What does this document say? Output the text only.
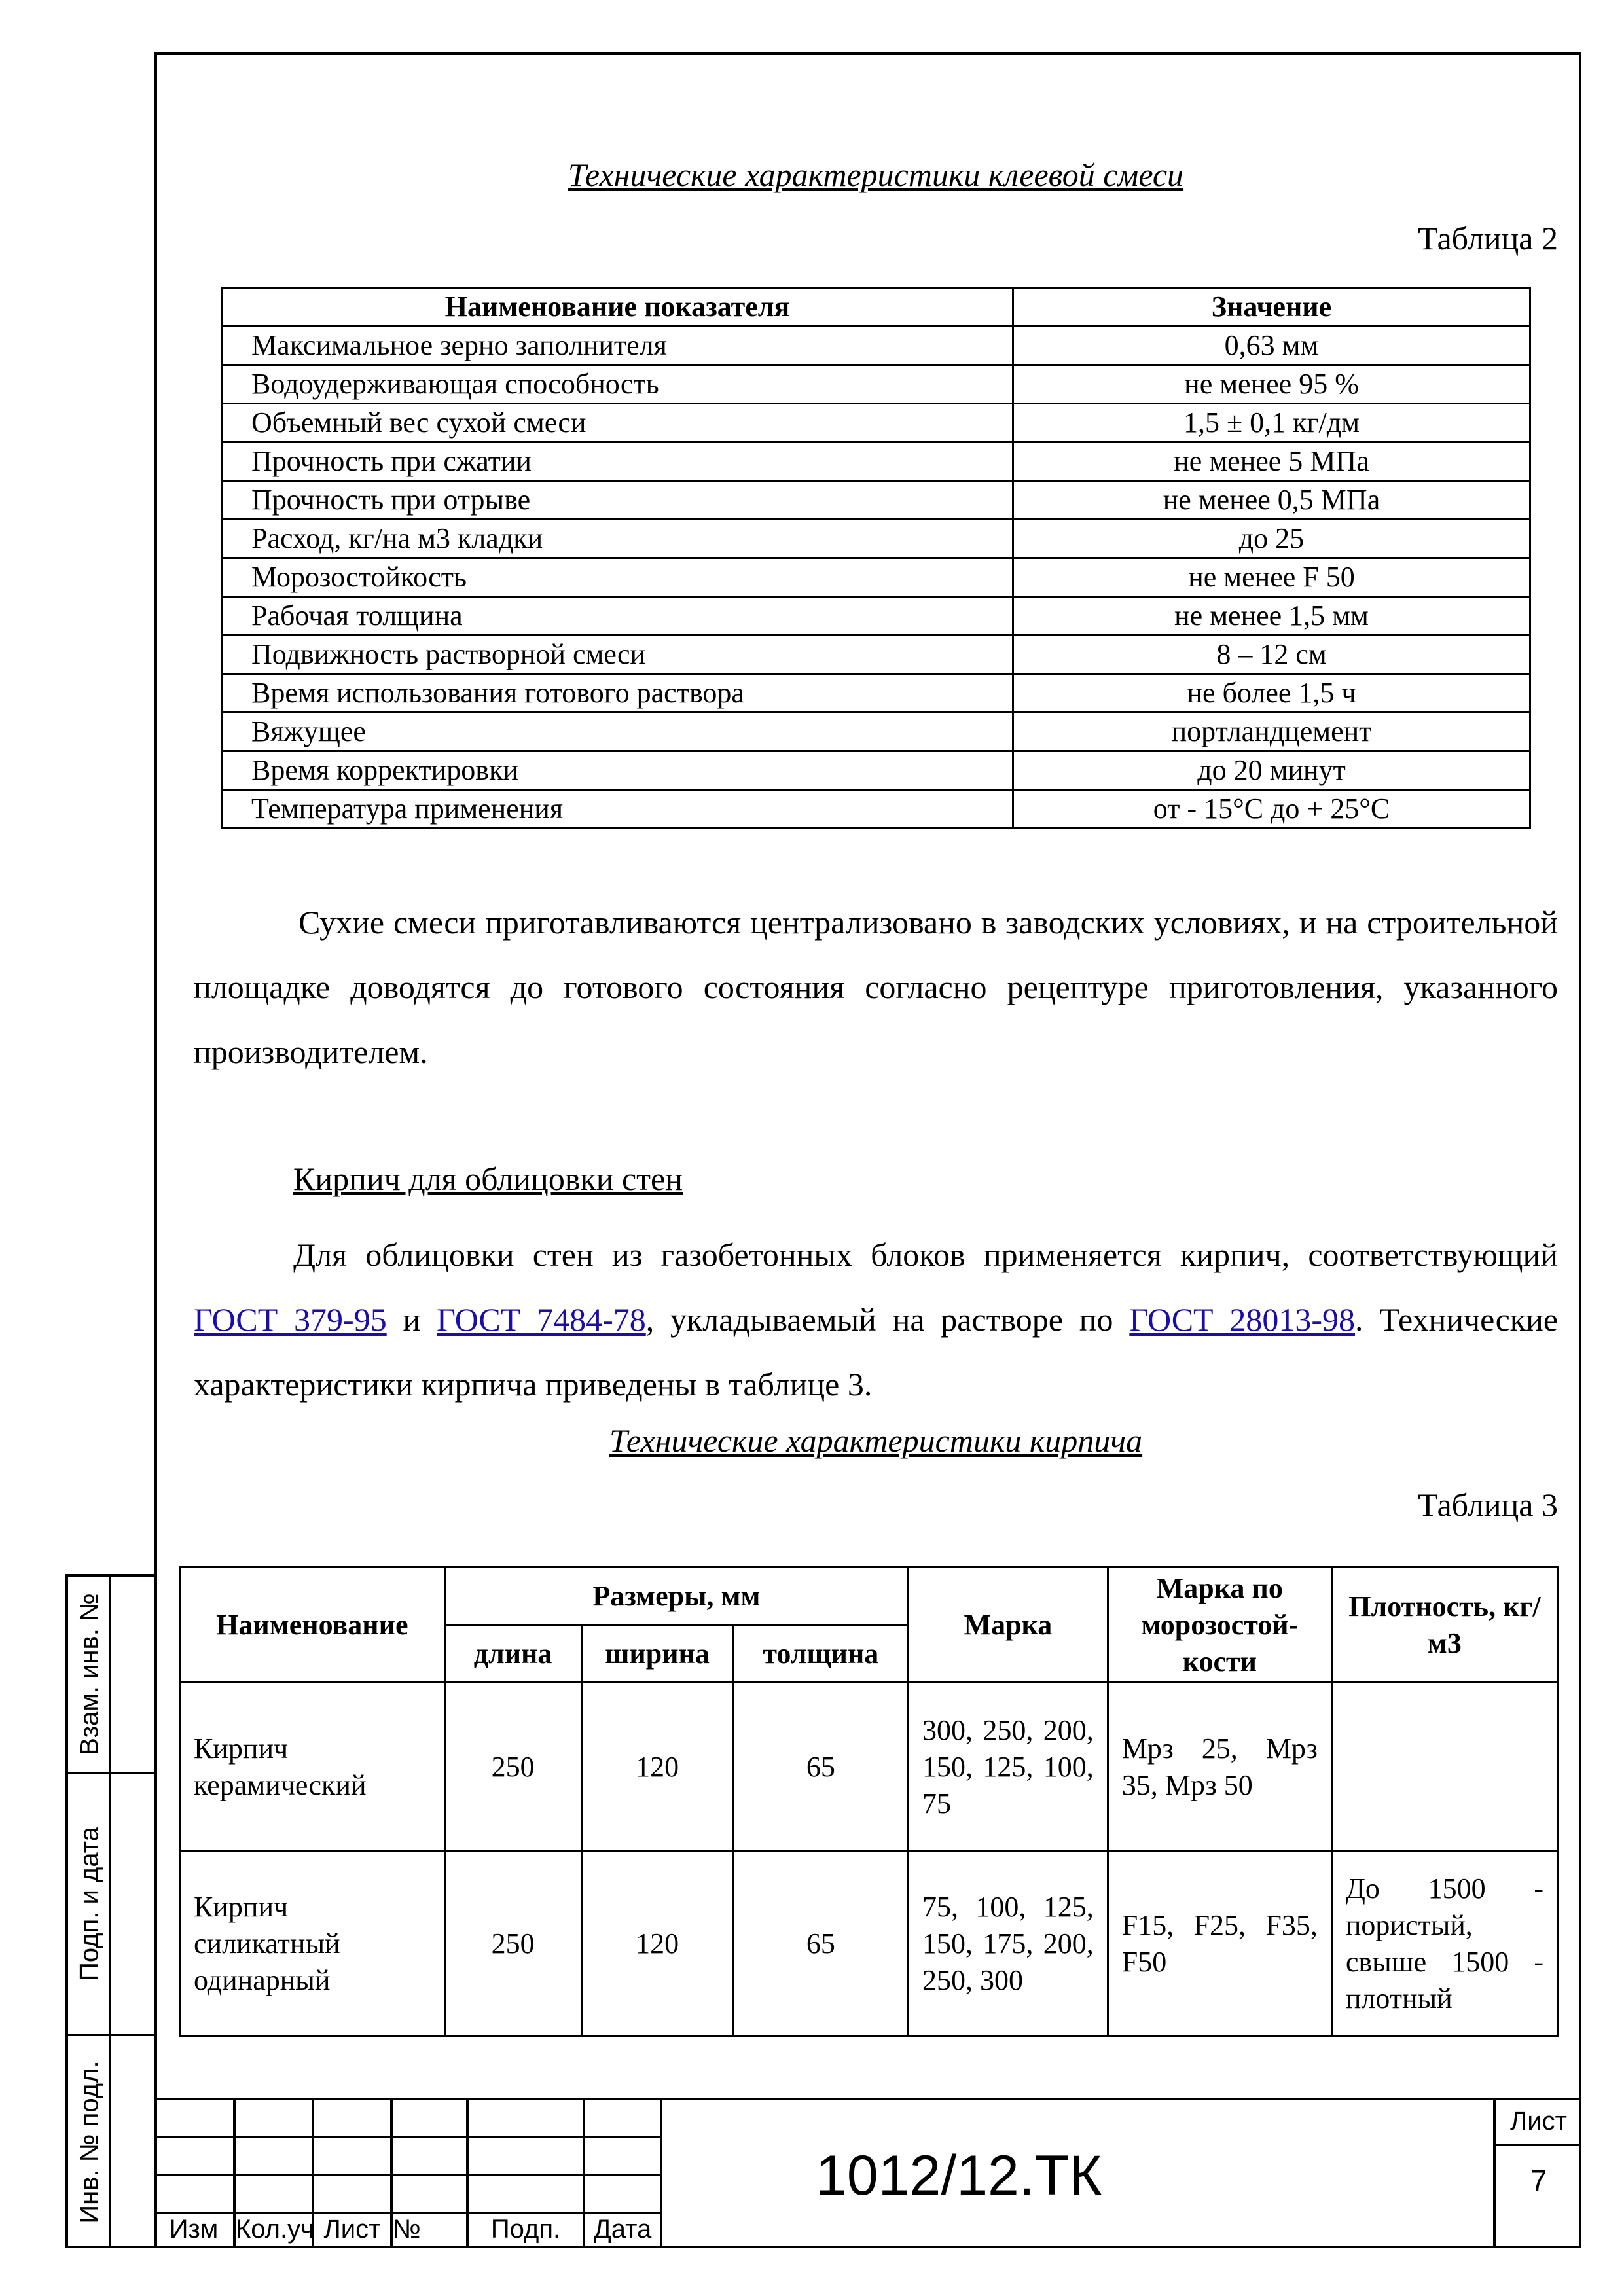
Технические характеристики клеевой смеси
Таблица 2
Наименование показателя	Значение
Максимальное зерно заполнителя	0,63 мм
Водоудерживающая способность	не менее 95 %
Объемный вес сухой смеси	1,5 ± 0,1 кг/дм
Прочность при сжатии	не менее 5 МПа
Прочность при отрыве	не менее 0,5 МПа
Расход, кг/на м3 кладки	до 25
Морозостойкость	не менее F 50
Рабочая толщина	не менее 1,5 мм
Подвижность растворной смеси	8 – 12 см
Время использования готового раствора	не более 1,5 ч
Вяжущее	портландцемент
Время корректировки	до 20 минут
Температура применения	от - 15°С до + 25°С
Сухие смеси приготавливаются централизовано в заводских условиях, и на строительной площадке доводятся до готового состояния согласно рецептуре приготовления, указанного производителем.
Кирпич для облицовки стен
Для облицовки стен из газобетонных блоков применяется кирпич, соответствующий ГОСТ 379-95 и ГОСТ 7484-78, укладываемый на растворе по ГОСТ 28013-98. Технические характеристики кирпича приведены в таблице 3.
Технические характеристики кирпича
Таблица 3
Наименование	Размеры, мм			Марка	Марка по морозостой-кости	Плотность, кг/м3
	длина	ширина	толщина			
Кирпич керамический	250	120	65	300, 250, 200, 150, 125, 100, 75	Мрз 25, Мрз 35, Мрз 50	
Кирпич силикатный одинарный	250	120	65	75, 100, 125, 150, 175, 200, 250, 300	F15, F25, F35, F50	До 1500 - пористый, свыше 1500 - плотный
Взам. инв. №
Подп. и дата
Инв. № подл.
Изм Кол.уч Лист №	Подп.	Дата
1012/12.ТК
Лист
7
